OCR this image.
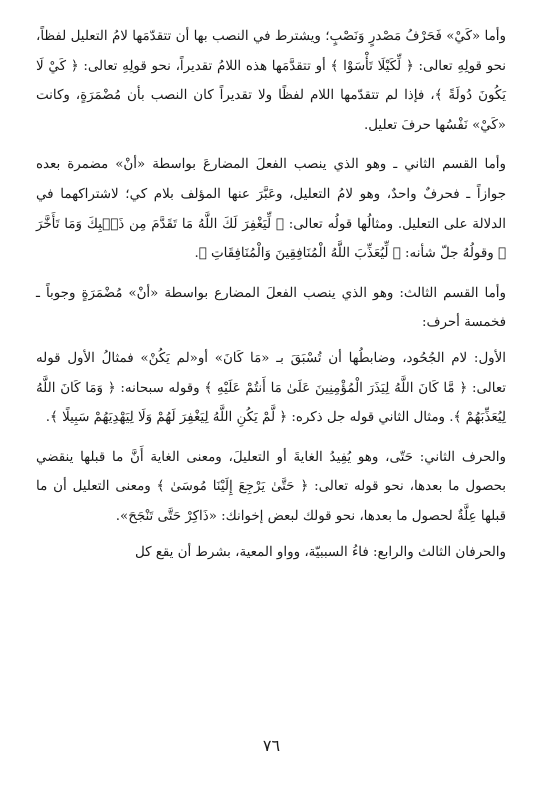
وأما «كَيْ» فَحَرْفُ مَصْدرٍ وَنَصْبٍ؛ ويشترط في النصب بها أن تتقدّمَها لامُ التعليل لفظاً، نحو قولِهِ تعالى: ﴿ لِّكَيْلَا تَأْسَوْا ﴾ أو تتقدَّمَها هذه اللامُ تقديراً، نحو قولِهِ تعالى: ﴿ كَيْ لَا يَكُونَ دُولَةً ﴾، فإذا لم تتقدّمها اللام لفظًا ولا تقديراً كان النصب بأن مُضْمَرَةٍ، وكانت «كَيْ» نَفْسُها حرفَ تعليل.

وأما القسم الثاني ـ وهو الذي ينصب الفعلَ المضارعَ بواسطة «أنْ» مضمرة بعده جوازاً ـ فحرفٌ واحدٌ، وهو لامُ التعليل، وعَبَّرَ عنها المؤلف بلام كي؛ لاشتراكهما في الدلالة على التعليل. ومثالُها قولُه تعالى: ﴿ لِّيَغْفِرَ لَكَ اللَّهُ مَا تَقَدَّمَ مِن ذَنۢبِكَ وَمَا تَأَخَّرَ ﴾ وقولُهُ جلّ شأنه: ﴿ لِّيُعَذِّبَ اللَّهُ الْمُنَافِقِينَ وَالْمُنَافِقَاتِ ﴾.

وأما القسم الثالث: وهو الذي ينصب الفعلَ المضارع بواسطة «أنْ» مُضْمَرَةٍ وجوباً ـ فخمسة أحرف:

الأول: لام الجُحُود، وضابطُها أن تُسْبَقَ بـ «مَا كَانَ» أو«لم يَكُنْ» فمثالُ الأول قوله تعالى: ﴿ مَّا كَانَ اللَّهُ لِيَذَرَ الْمُؤْمِنِينَ عَلَىٰ مَا أَنتُمْ عَلَيْهِ ﴾ وقوله سبحانه: ﴿ وَمَا كَانَ اللَّهُ لِيُعَذِّبَهُمْ ﴾. ومثال الثاني قوله جل ذكره: ﴿ لَّمْ يَكُنِ اللَّهُ لِيَغْفِرَ لَهُمْ وَلَا لِيَهْدِيَهُمْ سَبِيلًا ﴾.

والحرف الثاني: حَتّى، وهو يُفِيدُ الغايةَ أو التعليلَ، ومعنى الغاية أَنَّ ما قبلها ينقضي بحصول ما بعدها، نحو قوله تعالى: ﴿ حَتَّىٰ يَرْجِعَ إِلَيْنَا مُوسَىٰ ﴾ ومعنى التعليل أن ما قبلها عِلَّةٌ لحصول ما بعدها، نحو قولك لبعض إخوانك: «ذَاكِرْ حَتَّى تَنْجَحَ».

والحرفان الثالث والرابع: فاءُ السببيّة، وواو المعية، بشرط أن يقع كل

٧٦
